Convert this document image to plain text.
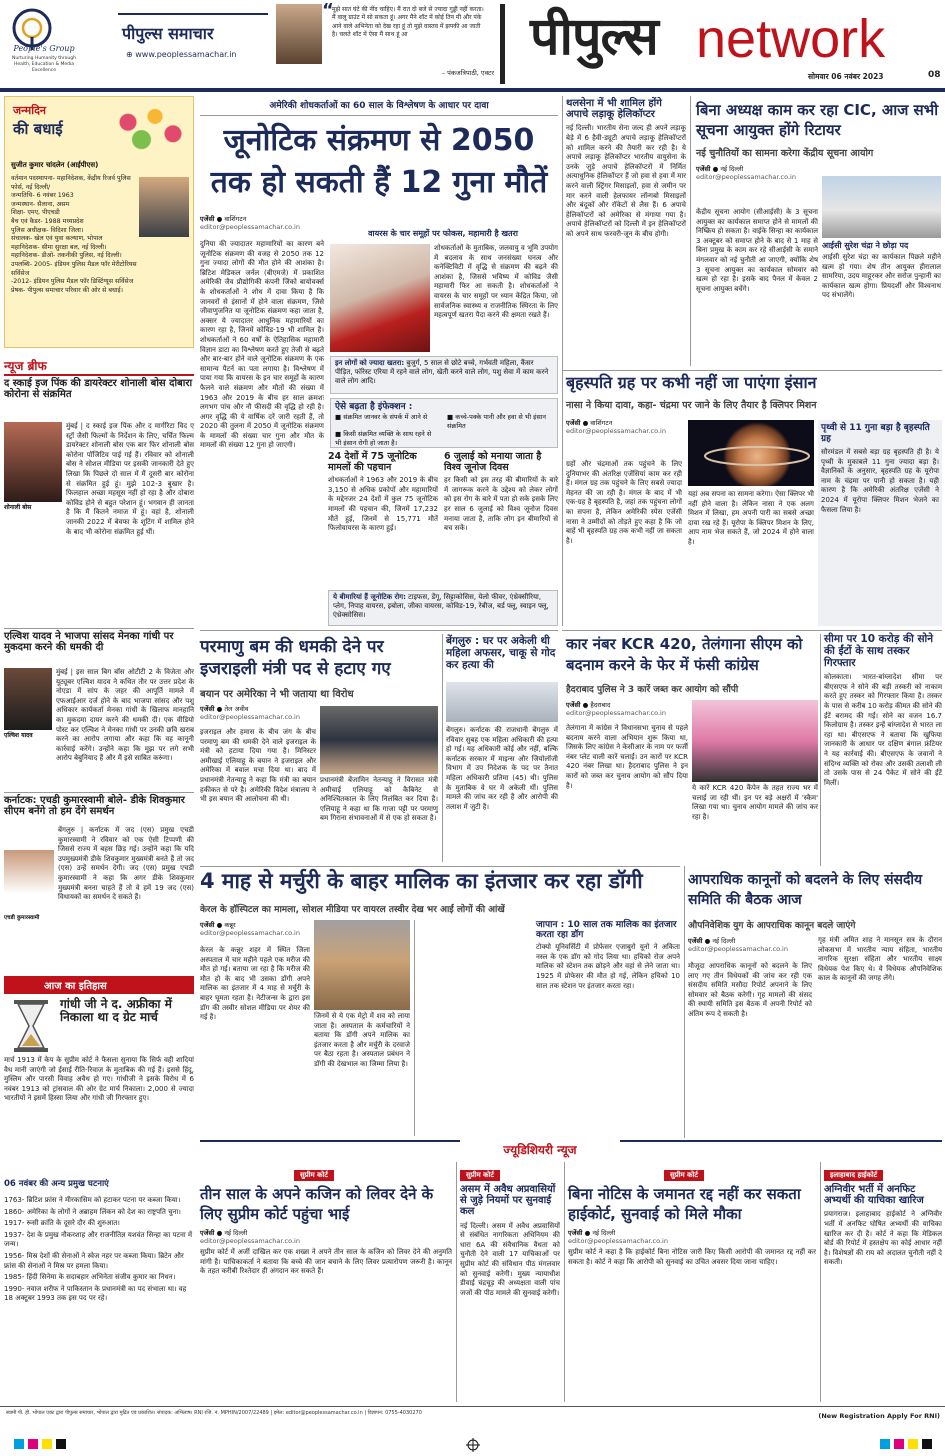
People's Group
Nurturing Humanity through Health, Education & Media Excellence
पीपुल्स समाचार
⊕ www.peoplessamachar.in
“
मुझे सात घंटे की नींद चाहिए। मैं रात दो बजे से ज्यादा गुड्डी नहीं करता। मैं वालू ग्राउंट में सो सकता हूं। अगर मैंने शॉट में कोई तिन मी और पंके आने वाले अभिनेता को देख रहा हूं तो मुझे वास्तव में झपकी आ जाती है। चलते शॉट में ऐसा मैं साथ हूं आ
– पंकजत्रिपाठी, एक्टर
पीपुल्स network
सोमवार 06 नवंबर 2023	08
जन्मदिन
की बधाई
सुजीत कुमार चांदलेन (आईपीएस)
वर्तमान पदस्थापना- महानिदेशक, केंद्रीय रिजर्व पुलिस फोर्स, नई दिल्ली/
जन्मतिथि- 6 नवंबर 1963
जन्मस्थान- सैलाना, असम
शिक्षा- एमए, पीएचडी
बैच एवं कैडर- 1988 मध्यप्रदेश
पुलिस अधीक्षक- विदिशा जिला।
संचालक- खेल एवं युवा कल्याण, भोपाल
महानिदेशक- सीमा सुरक्षा बल, नई दिल्ली।
महानिदेशक- डीओ- तकनीकी पुलिस, नई दिल्ली।
उपलब्धि- 2005- इंडियन पुलिस मैडल फॉर मेरीटोरियस सर्विसेज
-2012- इंडियन पुलिस मैडल फॉर डिस्टिंग्यूस सर्विसेज
प्रेषक- पीपुल्स समाचार परिवार की ओर से बधाई।
न्यूज ब्रीफ
द स्काई इज पिंक की डायरेक्टर शोनाली बोस दोबारा कोरोना से संक्रमित
शोनाली बोस
मुंबई | द स्काई इज पिंक और द मार्गरिटा विद ए स्ट्रॉ जैसी फिल्मों के निर्देशन के लिए, चर्चित फिल्म डायरेक्टर शोनाली बोस एक बार फिर शोनाली बोस कोरोना पॉजिटिव पाई गई हैं। रविवार को शोनाली बोस ने सोशल मीडिया पर इसकी जानकारी देते हुए लिखा कि पिछले दो साल में मैं दूसरी बार कोरोना से संक्रमित हुई हूं। मुझे 102-3 बुखार है। फिलहाल अच्छा महसूस नहीं हो रहा है और दोबारा कोविड होने से बहुत परेशान हूं। भगवान ही जानता है कि मैं कितने नमाज में हूं। वहां है, शोनाली जानकी 2022 में बेवफा के शूटिंग में शामिल होने के बाद भी कोरोना संक्रमित हुई थीं।
एल्विश यादव ने भाजपा सांसद मेनका गांधी पर मुकदमा करने की धमकी दी
एल्विश यादव
मुंबई | इस साल बिग बॉस ओटीटी 2 के विजेता और यूट्यूबर एल्विश यादव ने कथित तौर पर उत्तर प्रदेश के नोएडा में सांप के जहर की आपूर्ति मामले में एफआईआर दर्ज होने के बाद भाजपा सांसद और पशु अधिकार कार्यकर्ता मेनका गांधी के खिलाफ मानहानि का मुकदमा दायर करने की धमकी दी। एक वीडियो पोस्ट कर एल्विश ने मेनका गांधी पर उनकी छवि खराब करने का आरोप लगाया और कहा कि वह कानूनी कार्रवाई करेंगे। उन्होंने कहा कि मुझ पर लगे सभी आरोप बेबुनियाद हैं और मैं इसे साबित करूंगा।
कर्नाटक: एचडी कुमारस्वामी बोले- डीके शिवकुमार सीएम बनेंगे तो हम देंगे समर्थन
एचडी कुमारस्वामी
बेंगलुरु | कर्नाटक में जद (एस) प्रमुख एचडी कुमारस्वामी ने रविवार को एक ऐसी टिप्पणी की जिससे राज्य में बहस छिड़ गई। उन्होंने कहा कि यदि उपमुख्यमंत्री डीके शिवकुमार मुख्यमंत्री बनते हैं तो जद (एस) उन्हें समर्थन देगी। जद (एस) प्रमुख एचडी कुमारस्वामी ने कहा कि अगर डीके शिवकुमार मुख्यमंत्री बनना चाहते हैं तो वे हमें 19 जद (एस) विधायकों का समर्थन दे सकते हैं।
आज का इतिहास
गांधी जी ने द. अफ्रीका में निकाला था द ग्रेट मार्च
मार्च 1913 में केप के सुप्रीम कोर्ट ने फैसला सुनाया कि सिर्फ वही शादियां वैध मानी जाएंगी जो ईसाई रीति-रिवाज के मुताबिक की गई हैं। इससे हिंदू, मुस्लिम और पारसी विवाह अवैध हो गए। गांधीजी ने इसके विरोध में 6 नवंबर 1913 को ट्रांसवाल की ओर ग्रेट मार्च निकाला। 2,000 से ज्यादा भारतीयों ने इसमें हिस्सा लिया और गांधी जी गिरफ्तार हुए।
06 नवंबर की अन्य प्रमुख घटनाएं
1763- ब्रिटिश फ्रांस ने मीरकासिम को हटाकर पटना पर कब्जा किया।
1860- अमेरिका के लोगों ने अब्राहम लिंकन को देश का राष्ट्रपति चुना।
1917- रूसी क्रांति के दूसरे दौर की शुरुआत।
1937- देश के प्रमुख नौकरशाह और राजनीतिज्ञ यशवंत सिन्हा का पटना में जन्म।
1956- मिस्र देशों की सेनाओं ने स्वेज नहर पर कब्जा किया। ब्रिटेन और फ्रांस की सेनाओं ने मिस्र पर हमला किया।
1985- हिंदी सिनेमा के सदाबहार अभिनेता संजीव कुमार का निधन।
1990- नवाज शरीफ ने पाकिस्तान के प्रधानमंत्री का पद संभाला था। वह 18 अक्टूबर 1993 तक इस पद पर रहे।
अमेरिकी शोधकर्ताओं का 60 साल के विश्लेषण के आधार पर दावा
जूनोटिक संक्रमण से 2050 तक हो सकती हैं 12 गुना मौतें
एजेंसी ● वाशिंगटन
editor@peoplessamachar.co.in
दुनिया की ज्यादातर महामारियों का कारण बने जूनोटिक संक्रमण की वजह से 2050 तक 12 गुना ज्यादा लोगों की मौत होने की आशंका है। ब्रिटिश मेडिकल जर्नल (बीएमजे) में प्रकाशित अमेरिकी जैव प्रौद्योगिकी कंपनी जिंको बायोवर्क्स के शोधकर्ताओं ने शोध में दावा किया है कि जानवरों से इंसानों में होने वाला संक्रमण, जिसे जीवाणुजनित या जूनोटिक संक्रमण कहा जाता है, अक्सर ये ज्यादातर आधुनिक महामारियों का कारण रहा है, जिनमें कोविड-19 भी शामिल है। शोधकर्ताओं ने 60 वर्षों के ऐतिहासिक महामारी विज्ञान डाटा का विश्लेषण करते हुए तेजी से बढ़ते और बार-बार होने वाले जूनोटिक संक्रमण के एक सामान्य पैटर्न का पता लगाया है। विश्लेषण में पाया गया कि वायरस के इन चार समूहों के कारण फैलने वाले संक्रमण और मौतों की संख्या में 1963 और 2019 के बीच हर साल क्रमशः लगभग पांच और नौ फीसदी की वृद्धि हो रही है। अगर वृद्धि की ये वार्षिक दरें जारी रहती हैं, तो 2020 की तुलना में 2050 में जूनोटिक संक्रमण के मामलों की संख्या चार गुना और मौत के मामलों की संख्या 12 गुना हो जाएगी।
वायरस के चार समूहों पर फोकस, महामारी है खतरा
शोधकर्ताओं के मुताबिक, जलवायु व भूमि उपयोग में बदलाव के साथ जनसंख्या घनत्व और कनेक्टिविटी में वृद्धि से संक्रमण की बढ़ने की आशंका है, जिससे भविष्य में कोविड जैसी महामारी फिर आ सकती है। शोधकर्ताओं ने वायरस के चार समूहों पर ध्यान केंद्रित किया, जो सार्वजनिक स्वास्थ्य व राजनीतिक स्थिरता के लिए महत्वपूर्ण खतरा पैदा करने की क्षमता रखते हैं।
इन लोगों को ज्यादा खतरा: बुजुर्ग, 5 साल से छोटे बच्चे, गर्भवती महिला, कैंसर पीड़ित, फॉरेस्ट एरिया में रहने वाले लोग, खेती करने वाले लोग, पशु सेवा में काम करने वाले लोग आदि।
ऐसे बढ़ता है इंफेक्शन :
■ संक्रमित जानवर के संपर्क में आने से	■ कच्चे-पक्के पानी और हवा से भी इंसान संक्रमित
■ किसी संक्रमित व्यक्ति के साथ रहने से भी इंसान रोगी हो जाता है।
24 देशों में 75 जूनोटिक मामलों की पहचान
शोधकर्ताओं ने 1963 और 2019 के बीच 3,150 से अधिक प्रकोपों और महामारियों के मद्देनजर 24 देशों में कुल 75 जूनोटिक मामलों की पहचान की, जिनमें 17,232 मौतें हुई, जिनमें से 15,771 मौतें फिलोवायरस के कारण हुई।
6 जुलाई को मनाया जाता है विश्व जूनोज दिवस
हर किसी को इस तरह की बीमारियों के बारे में जागरूक करने के उद्देश्य को लेकर लोगों को इस रोग के बारे में पता हो सके इसके लिए हर साल 6 जुलाई को विश्व जूनोज दिवस मनाया जाता है, ताकि लोग इन बीमारियों से बच सकें।
ये बीमारियां हैं जूनोटिक रोग: टाइफस, डेंगू, सिट्टाकोसिस, येलो फीवर, एंथ्रेक्सीरिया, प्लेग, निपाह वायरस, इबोला, जीका वायरस, कोविड-19, रेबीज, बर्ड फ्लू, स्वाइन फ्लू, एंथ्रेक्सोसिस।
परमाणु बम की धमकी देने पर इजराइली मंत्री पद से हटाए गए
बयान पर अमेरिका ने भी जताया था विरोध
एजेंसी ● तेल अवीव
editor@peoplessamachar.co.in
इजराइल और हमास के बीच जंग के बीच परमाणु बम की धमकी देने वाले इजराइल के मंत्री को हटाया दिया गया है। मिनिस्टर अमीखाई एलियाहू के बयान ने इजराइल और अमेरिका में बवाल मचा दिया था। बाद में प्रधानमंत्री नेतन्याहू ने कहा कि मंत्री का बयान हकीकत से परे है। अमेरिकी विदेश मंत्रालय ने भी इस बयान की आलोचना की थी।
प्रधानमंत्री बेंजामिन नेतन्याहू ने विरासत मंत्री अमीचाई एलियाहू को कैबिनेट से अनिश्चितकाल के लिए निलंबित कर दिया है। एलियाहू ने कहा था कि गाजा पट्टी पर परमाणु बम गिराना संभावनाओं में से एक हो सकता है।
बेंगलुरु : घर पर अकेली थी महिला अफसर, चाकू से गोद कर हत्या की
बेंगलुरु। कर्नाटक की राजधानी बेंगलुरु में रविवार सुबह एक महिला अधिकारी की हत्या हो गई। यह अधिकारी कोई और नहीं, बल्कि कर्नाटक सरकार में माइन्स और जियोलॉजी विभाग में उप निदेशक के पद पर तैनात महिला अधिकारी प्रतिमा (45) थी। पुलिस के मुताबिक वे घर में अकेली थीं। पुलिस मामले की जांच कर रही है और आरोपी की तलाश में जुटी है।
थलसेना में भी शामिल होंगे अपाचे लड़ाकू हेलिकॉप्टर
नई दिल्ली। भारतीय सेना जल्द ही अपने लड़ाकू बेड़े में 6 हैवी-ड्यूटी अपाचे लड़ाकू हेलिकॉप्टरों को शामिल करने की तैयारी कर रही है। ये अपाचे लड़ाकू हेलिकॉप्टर भारतीय वायुसेना के उनके जुड़े अपाचे हेलिकॉप्टरों में निर्मित अत्याधुनिक हेलिकॉप्टर हैं जो हवा से हवा में मार करने वाली स्ट्रिंगर मिसाइलों, हवा से जमीन पर मार करने वाली हेलफायर लॉन्गबो मिसाइलों और बंदूकों और रॉकेटों से लैस हैं। 6 अपाचे हेलिकॉप्टरों को अमेरिका से मंगाया गया है। अपाचे हेलिकॉप्टरों को दिल्ली में इन हेलिकॉप्टरों को अपने साथ फरवरी-जून के बीच होगी।
बिना अध्यक्ष काम कर रहा CIC, आज सभी सूचना आयुक्त होंगे रिटायर
नई चुनौतियों का सामना करेगा केंद्रीय सूचना आयोग
एजेंसी ● नई दिल्ली
editor@peoplessamachar.co.in
केंद्रीय सूचना आयोग (सीआईसी) के 3 सूचना आयुक्त का कार्यकाल समाप्त होने से मामलों की निष्क्रिय हो सकता है। वाईके सिन्हा का कार्यकाल 3 अक्टूबर को समाप्त होने के बाद से 1 माह से बिना प्रमुख के काम कर रहे सीआईसी के समाने मंगलवार को नई चुनौती आ जाएगी, क्योंकि शेष 3 सूचना आयुक्त का कार्यकाल सोमवार को खत्म हो रहा है। इसके बाद पैनल में केवल 2 सूचना आयुक्त बचेंगे।
आईसी सुरेश चंद्रा ने छोड़ा पद
आईसी सुरेश चंद्रा का कार्यकाल पिछले महीने खत्म हो गया। शेष तीन आयुक्त हीरालाल सामरिया, उदय माहूरकर और सरोज पुन्हानी का कार्यकाल खत्म होगा। प्रियदर्शी और विश्वनाथ पद संभालेंगे।
बृहस्पति ग्रह पर कभी नहीं जा पाएंगा इंसान
नासा ने किया दावा, कहा- चंद्रमा पर जाने के लिए तैयार है क्लिपर मिशन
एजेंसी ● वाशिंगटन
editor@peoplessamachar.co.in
ग्रहों और चंद्रमाओं तक पहुंचने के लिए दुनियाभर की अंतरिक्ष एजेंसियां काम कर रही हैं। मंगल ग्रह तक पहुंचने के लिए सबसे ज्यादा मेहनत की जा रही है। मंगल के बाद में भी एक-ग्रह है बृहस्पति है, जहां तक पहुंचना लोगों का सपना है, लेकिन अमेरिकी स्पेस एजेंसी नासा ने उम्मीदों को तोड़ते हुए कहा है कि जो बाहें भी बृहस्पति ग्रह तक कभी नहीं जा सकता है।
यहां अब सपना का सामना करेगा। ऐसा क्लिपर भी नहीं होने वाला है। लेकिन नासा ने एक अलग मिशन में लिखा, हम अपनी पारी का सबसे अच्छा दावा रख रहे हैं। यूरोपा के क्लिपर मिशन के लिए, आप नाम भेज सकते हैं, जो 2024 में होने वाला है।
पृथ्वी से 11 गुना बड़ा है बृहस्पति ग्रह
सौरमंडल में सबसे बड़ा ग्रह बृहस्पति ही है। ये पृथ्वी के मुकाबले 11 गुना ज्यादा बड़ा है। वैज्ञानिकों के अनुसार, बृहस्पति ग्रह के यूरोपा नाम के चंद्रमा पर पानी हो सकता है। यही कारण है कि अमेरिकी अंतरिक्ष एजेंसी ने 2024 में यूरोपा क्लिपर मिशन भेजने का फैसला लिया है।
कार नंबर KCR 420, तेलंगाना सीएम को बदनाम करने के फेर में फंसी कांग्रेस
हैदराबाद पुलिस ने 3 कारें जब्त कर आयोग को सौंपी
एजेंसी ● हैदराबाद
editor@peoplessamachar.co.in
तेलंगाना में कांग्रेस ने विधानसभा चुनाव से पहले बदनाम करने वाला अभियान शुरू किया था, जिसके लिए कांग्रेस ने केसीआर के नाम पर फर्जी नंबर प्लेट वाली कारें चलाईं। उन कारों पर KCR 420 नंबर लिखा था। हैदराबाद पुलिस ने इन कारों को जब्त कर चुनाव आयोग को सौंप दिया है।	ये कारें KCR 420 कैंपेन के तहत राज्य भर में चलाई जा रही थीं। इन पर बड़े अक्षरों में 'स्कैम' लिखा गया था। चुनाव आयोग मामले की जांच कर रहा है।
सीमा पर 10 करोड़ की सोने की ईंटों के साथ तस्कर गिरफ्तार
कोलकाता। भारत-बांग्लादेश सीमा पर बीएसएफ ने सोने की बड़ी तस्करी को नाकाम करते हुए तस्कर को गिरफ्तार किया है। तस्कर के पास से करीब 10 करोड़ कीमत की सोने की ईंटें बरामद की गईं। सोने का वजन 16.7 किलोग्राम है। तस्कर इन्हें बांग्लादेश से भारत ला रहा था। बीएसएफ ने बताया कि खुफिया जानकारी के आधार पर दक्षिण बंगाल फ्रंटियर ने यह कार्रवाई की। बीएसएफ के जवानों ने संदिग्ध व्यक्ति को रोका और उसकी तलाशी ली तो उसके पास से 24 पैकेट में सोने की ईंटें मिलीं।
4 माह से मर्चुरी के बाहर मालिक का इंतजार कर रहा डॉगी
केरल के हॉस्पिटल का मामला, सोशल मीडिया पर वायरल तस्वीर देख भर आईं लोगों की आंखें
एजेंसी ● कन्नूर
editor@peoplessamachar.co.in
केरल के कन्नूर शहर में स्थित जिला अस्पताल में चार महीने पहले एक मरीज की मौत हो गई। बताया जा रहा है कि मरीज की मौत हो के बाद भी उसका डॉगी अपने मालिक का इंतजार में 4 माह से मर्चुरी के बाहर घूमता रहता है। नेटीजन्स के द्वारा इस डॉग की तस्वीर सोशल मीडिया पर शेयर की गई है।	जिनमें से ये एक मेट्रो में शव को लाया जाता है। अस्पताल के कर्मचारियों ने बताया कि डॉगी अपने मालिक का इंतजार करता है और मर्चुरी के दरवाजे पर बैठा रहता है। अस्पताल प्रबंधन ने डॉगी की देखभाल का जिम्मा लिया है।
जापान : 10 साल तक मालिक का इंतजार करता रहा डॉग
टोक्यो यूनिवर्सिटी में प्रोफेसर एजाबुरो यूनो ने अकिता नस्ल के एक डॉग को गोद लिया था। हचिको रोज अपने मालिक को स्टेशन तक छोड़ने और वहां से लेने जाता था। 1925 में प्रोफेसर की मौत हो गई, लेकिन हचिको 10 साल तक स्टेशन पर इंतजार करता रहा।
आपराधिक कानूनों को बदलने के लिए संसदीय समिति की बैठक आज
औपनिवेशिक युग के आपराधिक कानून बदले जाएंगे
एजेंसी ● नई दिल्ली
editor@peoplessamachar.co.in
मौजूदा आपराधिक कानूनों को बदलने के लिए लाए गए तीन विधेयकों की जांच कर रही एक संसदीय समिति मसौदा रिपोर्ट अपनाने के लिए सोमवार को बैठक करेगी। गृह मामलों की संसद की स्थायी समिति इस बैठक में अपनी रिपोर्ट को अंतिम रूप दे सकती है।
गृह मंत्री अमित शाह ने मानसून सत्र के दौरान लोकसभा में भारतीय न्याय संहिता, भारतीय नागरिक सुरक्षा संहिता और भारतीय साक्ष्य विधेयक पेश किए थे। ये विधेयक औपनिवेशिक काल के कानूनों की जगह लेंगे।
ज्यूडिशियरी न्यूज
सुप्रीम कोर्ट
तीन साल के अपने कजिन को लिवर देने के लिए सुप्रीम कोर्ट पहुंचा भाई
एजेंसी ● नई दिल्ली
editor@peoplessamachar.co.in
सुप्रीम कोर्ट में अजीं दाखिल कर एक शख्स ने अपने तीन साल के कजिन को लिवर देने की अनुमति मांगी है। याचिकाकर्ता ने बताया कि बच्चे की जान बचाने के लिए लिवर प्रत्यारोपण जरूरी है। कानून के तहत करीबी रिश्तेदार ही अंगदान कर सकते हैं।
सुप्रीम कोर्ट
असम में अवैध अप्रवासियों से जुड़े नियमों पर सुनवाई कल
नई दिल्ली। असम में अवैध अप्रवासियों से संबंधित नागरिकता अधिनियम की धारा 6A की संवैधानिक वैधता को चुनौती देने वाली 17 याचिकाओं पर सुप्रीम कोर्ट की संविधान पीठ मंगलवार को सुनवाई करेगी। मुख्य न्यायाधीश डीवाई चंद्रचूड़ की अध्यक्षता वाली पांच जजों की पीठ मामले की सुनवाई करेगी।
सुप्रीम कोर्ट
बिना नोटिस के जमानत रद्द नहीं कर सकता हाईकोर्ट, सुनवाई को मिले मौका
एजेंसी ● नई दिल्ली
editor@peoplessamachar.co.in
सुप्रीम कोर्ट ने कहा है कि हाईकोर्ट बिना नोटिस जारी किए किसी आरोपी की जमानत रद्द नहीं कर सकता है। कोर्ट ने कहा कि आरोपी को सुनवाई का उचित अवसर दिया जाना चाहिए।
इलाहाबाद हाईकोर्ट
अग्निवीर भर्ती में अनफिट अभ्यर्थी की याचिका खारिज
प्रयागराज। इलाहाबाद हाईकोर्ट ने अग्निवीर भर्ती में अनफिट घोषित अभ्यर्थी की याचिका खारिज कर दी है। कोर्ट ने कहा कि मेडिकल बोर्ड की रिपोर्ट में हस्तक्षेप का कोई आधार नहीं है। विशेषज्ञों की राय को अदालत चुनौती नहीं दे सकती।
स्वामी पी. ही. भोपाल एक्ट द्वारा पीपुल्स समाचार, भोपाल द्वारा मुद्रित एवं प्रकाशित। संपादक: अभिलाष। RNI रजि. नं. MPHIN/2007/22489 | इमेल: editor@peoplessamachar.co.in | विज्ञापन: 0755-4030270	(New Registration Apply For RNI)
